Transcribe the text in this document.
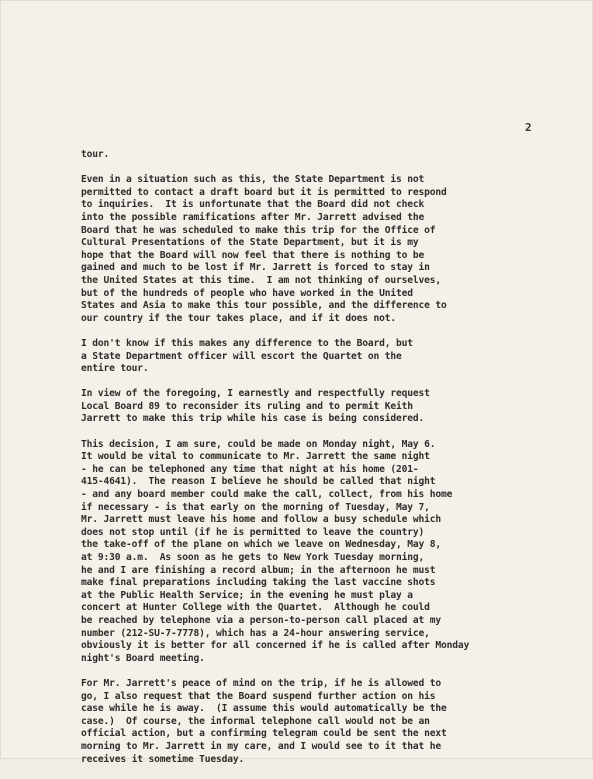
2
tour.
Even in a situation such as this, the State Department is not
permitted to contact a draft board but it is permitted to respond
to inquiries.  It is unfortunate that the Board did not check
into the possible ramifications after Mr. Jarrett advised the
Board that he was scheduled to make this trip for the Office of
Cultural Presentations of the State Department, but it is my
hope that the Board will now feel that there is nothing to be
gained and much to be lost if Mr. Jarrett is forced to stay in
the United States at this time.  I am not thinking of ourselves,
but of the hundreds of people who have worked in the United
States and Asia to make this tour possible, and the difference to
our country if the tour takes place, and if it does not.
I don't know if this makes any difference to the Board, but
a State Department officer will escort the Quartet on the
entire tour.
In view of the foregoing, I earnestly and respectfully request
Local Board 89 to reconsider its ruling and to permit Keith
Jarrett to make this trip while his case is being considered.
This decision, I am sure, could be made on Monday night, May 6.
It would be vital to communicate to Mr. Jarrett the same night
- he can be telephoned any time that night at his home (201-
415-4641).  The reason I believe he should be called that night
- and any board member could make the call, collect, from his home
if necessary - is that early on the morning of Tuesday, May 7,
Mr. Jarrett must leave his home and follow a busy schedule which
does not stop until (if he is permitted to leave the country)
the take-off of the plane on which we leave on Wednesday, May 8,
at 9:30 a.m.  As soon as he gets to New York Tuesday morning,
he and I are finishing a record album; in the afternoon he must
make final preparations including taking the last vaccine shots
at the Public Health Service; in the evening he must play a
concert at Hunter College with the Quartet.  Although he could
be reached by telephone via a person-to-person call placed at my
number (212-SU-7-7778), which has a 24-hour answering service,
obviously it is better for all concerned if he is called after Monday
night's Board meeting.
For Mr. Jarrett's peace of mind on the trip, if he is allowed to
go, I also request that the Board suspend further action on his
case while he is away.  (I assume this would automatically be the
case.)  Of course, the informal telephone call would not be an
official action, but a confirming telegram could be sent the next
morning to Mr. Jarrett in my care, and I would see to it that he
receives it sometime Tuesday.
